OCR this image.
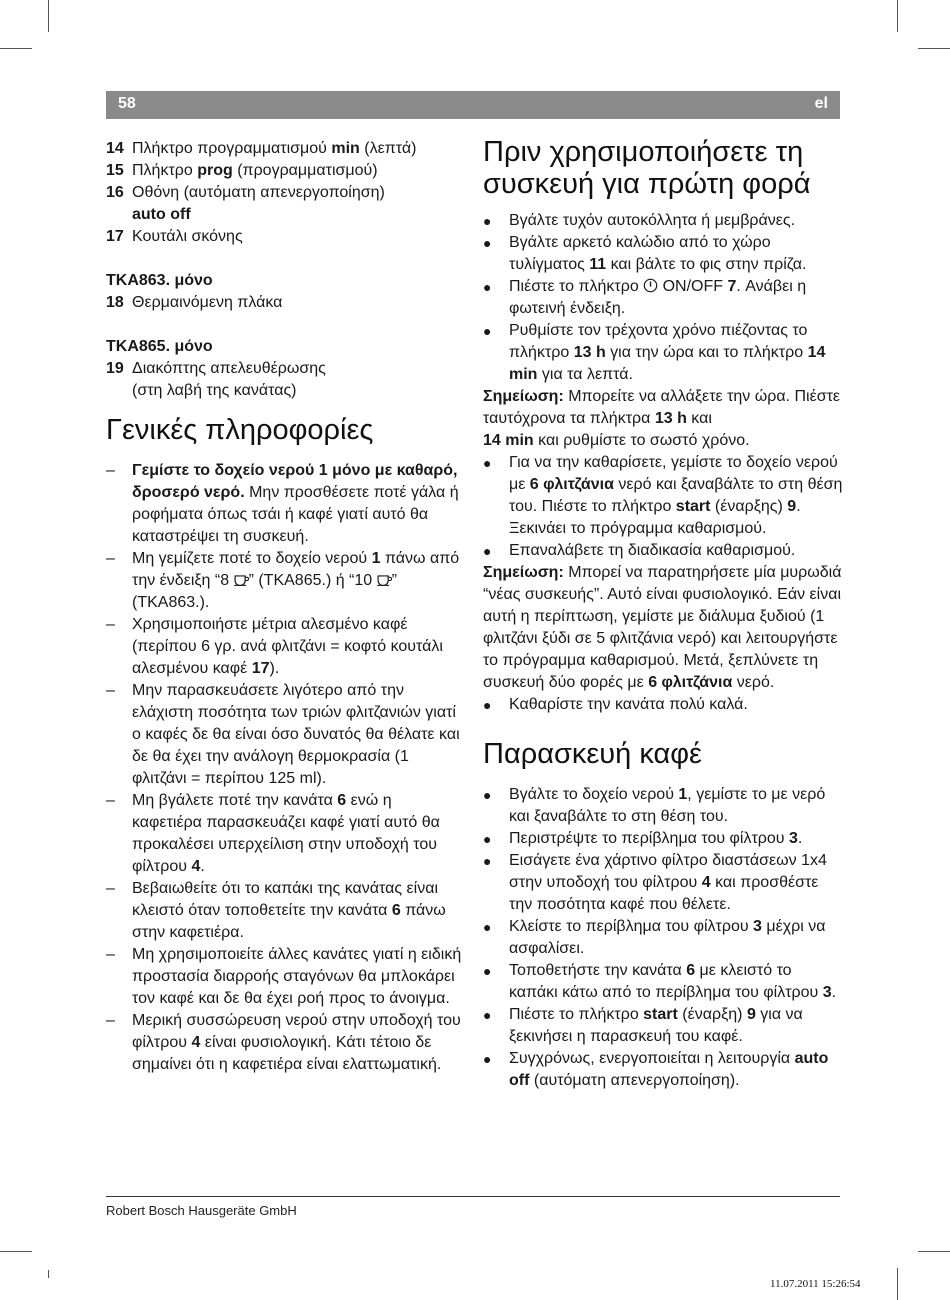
58	el
14 Πλήκτρο προγραμματισμού min (λεπτά)
15 Πλήκτρο prog (προγραμματισμού)
16 Οθόνη (αυτόματη απενεργοποίηση)
auto off
17 Κουτάλι σκόνης
TKA863. μόνο
18 Θερμαινόμενη πλάκα
TKA865. μόνο
19 Διακόπτης απελευθέρωσης
(στη λαβή της κανάτας)
Γενικές πληροφορίες
– Γεμίστε το δοχείο νερού 1 μόνο με καθαρό, δροσερό νερό. Μην προσθέσετε ποτέ γάλα ή ροφήματα όπως τσάι ή καφέ γιατί αυτό θα καταστρέψει τη συσκευή.
– Μη γεμίζετε ποτέ το δοχείο νερού 1 πάνω από την ένδειξη “8 ” (TKA865.) ή “10 ” (TKA863.).
– Χρησιμοποιήστε μέτρια αλεσμένο καφέ (περίπου 6 γρ. ανά φλιτζάνι = κοφτό κουτάλι αλεσμένου καφέ 17).
– Μην παρασκευάσετε λιγότερο από την ελάχιστη ποσότητα των τριών φλιτζανιών γιατί ο καφές δε θα είναι όσο δυνατός θα θέλατε και δε θα έχει την ανάλογη θερμοκρασία (1 φλιτζάνι = περίπου 125 ml).
– Μη βγάλετε ποτέ την κανάτα 6 ενώ η καφετιέρα παρασκευάζει καφέ γιατί αυτό θα προκαλέσει υπερχείλιση στην υποδοχή του φίλτρου 4.
– Βεβαιωθείτε ότι το καπάκι της κανάτας είναι κλειστό όταν τοποθετείτε την κανάτα 6 πάνω στην καφετιέρα.
– Μη χρησιμοποιείτε άλλες κανάτες γιατί η ειδική προστασία διαρροής σταγόνων θα μπλοκάρει τον καφέ και δε θα έχει ροή προς το άνοιγμα.
– Μερική συσσώρευση νερού στην υποδοχή του φίλτρου 4 είναι φυσιολογική. Κάτι τέτοιο δε σημαίνει ότι η καφετιέρα είναι ελαττωματική.
Πριν χρησιμοποιήσετε τη συσκευή για πρώτη φορά
● Βγάλτε τυχόν αυτοκόλλητα ή μεμβράνες.
● Βγάλτε αρκετό καλώδιο από το χώρο τυλίγματος 11 και βάλτε το φις στην πρίζα.
● Πιέστε το πλήκτρο  ON/OFF 7. Ανάβει η φωτεινή ένδειξη.
● Ρυθμίστε τον τρέχοντα χρόνο πιέζοντας το πλήκτρο 13 h για την ώρα και το πλήκτρο 14 min για τα λεπτά.
Σημείωση: Μπορείτε να αλλάξετε την ώρα. Πιέστε ταυτόχρονα τα πλήκτρα 13 h και
14 min και ρυθμίστε το σωστό χρόνο.
● Για να την καθαρίσετε, γεμίστε το δοχείο νερού με 6 φλιτζάνια νερό και ξαναβάλτε το στη θέση του. Πιέστε το πλήκτρο start (έναρξης) 9. Ξεκινάει το πρόγραμμα καθαρισμού.
● Επαναλάβετε τη διαδικασία καθαρισμού.
Σημείωση: Μπορεί να παρατηρήσετε μία μυρωδιά “νέας συσκευής”. Αυτό είναι φυσιολογικό. Εάν είναι αυτή η περίπτωση, γεμίστε με διάλυμα ξυδιού (1 φλιτζάνι ξύδι σε 5 φλιτζάνια νερό) και λειτουργήστε το πρόγραμμα καθαρισμού. Μετά, ξεπλύνετε τη συσκευή δύο φορές με 6 φλιτζάνια νερό.
● Καθαρίστε την κανάτα πολύ καλά.
Παρασκευή καφέ
● Βγάλτε το δοχείο νερού 1, γεμίστε το με νερό και ξαναβάλτε το στη θέση του.
● Περιστρέψτε το περίβλημα του φίλτρου 3.
● Εισάγετε ένα χάρτινο φίλτρο διαστάσεων 1x4 στην υποδοχή του φίλτρου 4 και προσθέστε την ποσότητα καφέ που θέλετε.
● Κλείστε το περίβλημα του φίλτρου 3 μέχρι να ασφαλίσει.
● Τοποθετήστε την κανάτα 6 με κλειστό το καπάκι κάτω από το περίβλημα του φίλτρου 3.
● Πιέστε το πλήκτρο start (έναρξη) 9 για να ξεκινήσει η παρασκευή του καφέ.
● Συγχρόνως, ενεργοποιείται η λειτουργία auto off (αυτόματη απενεργοποίηση).
Robert Bosch Hausgeräte GmbH
11.07.2011 15:26:54
